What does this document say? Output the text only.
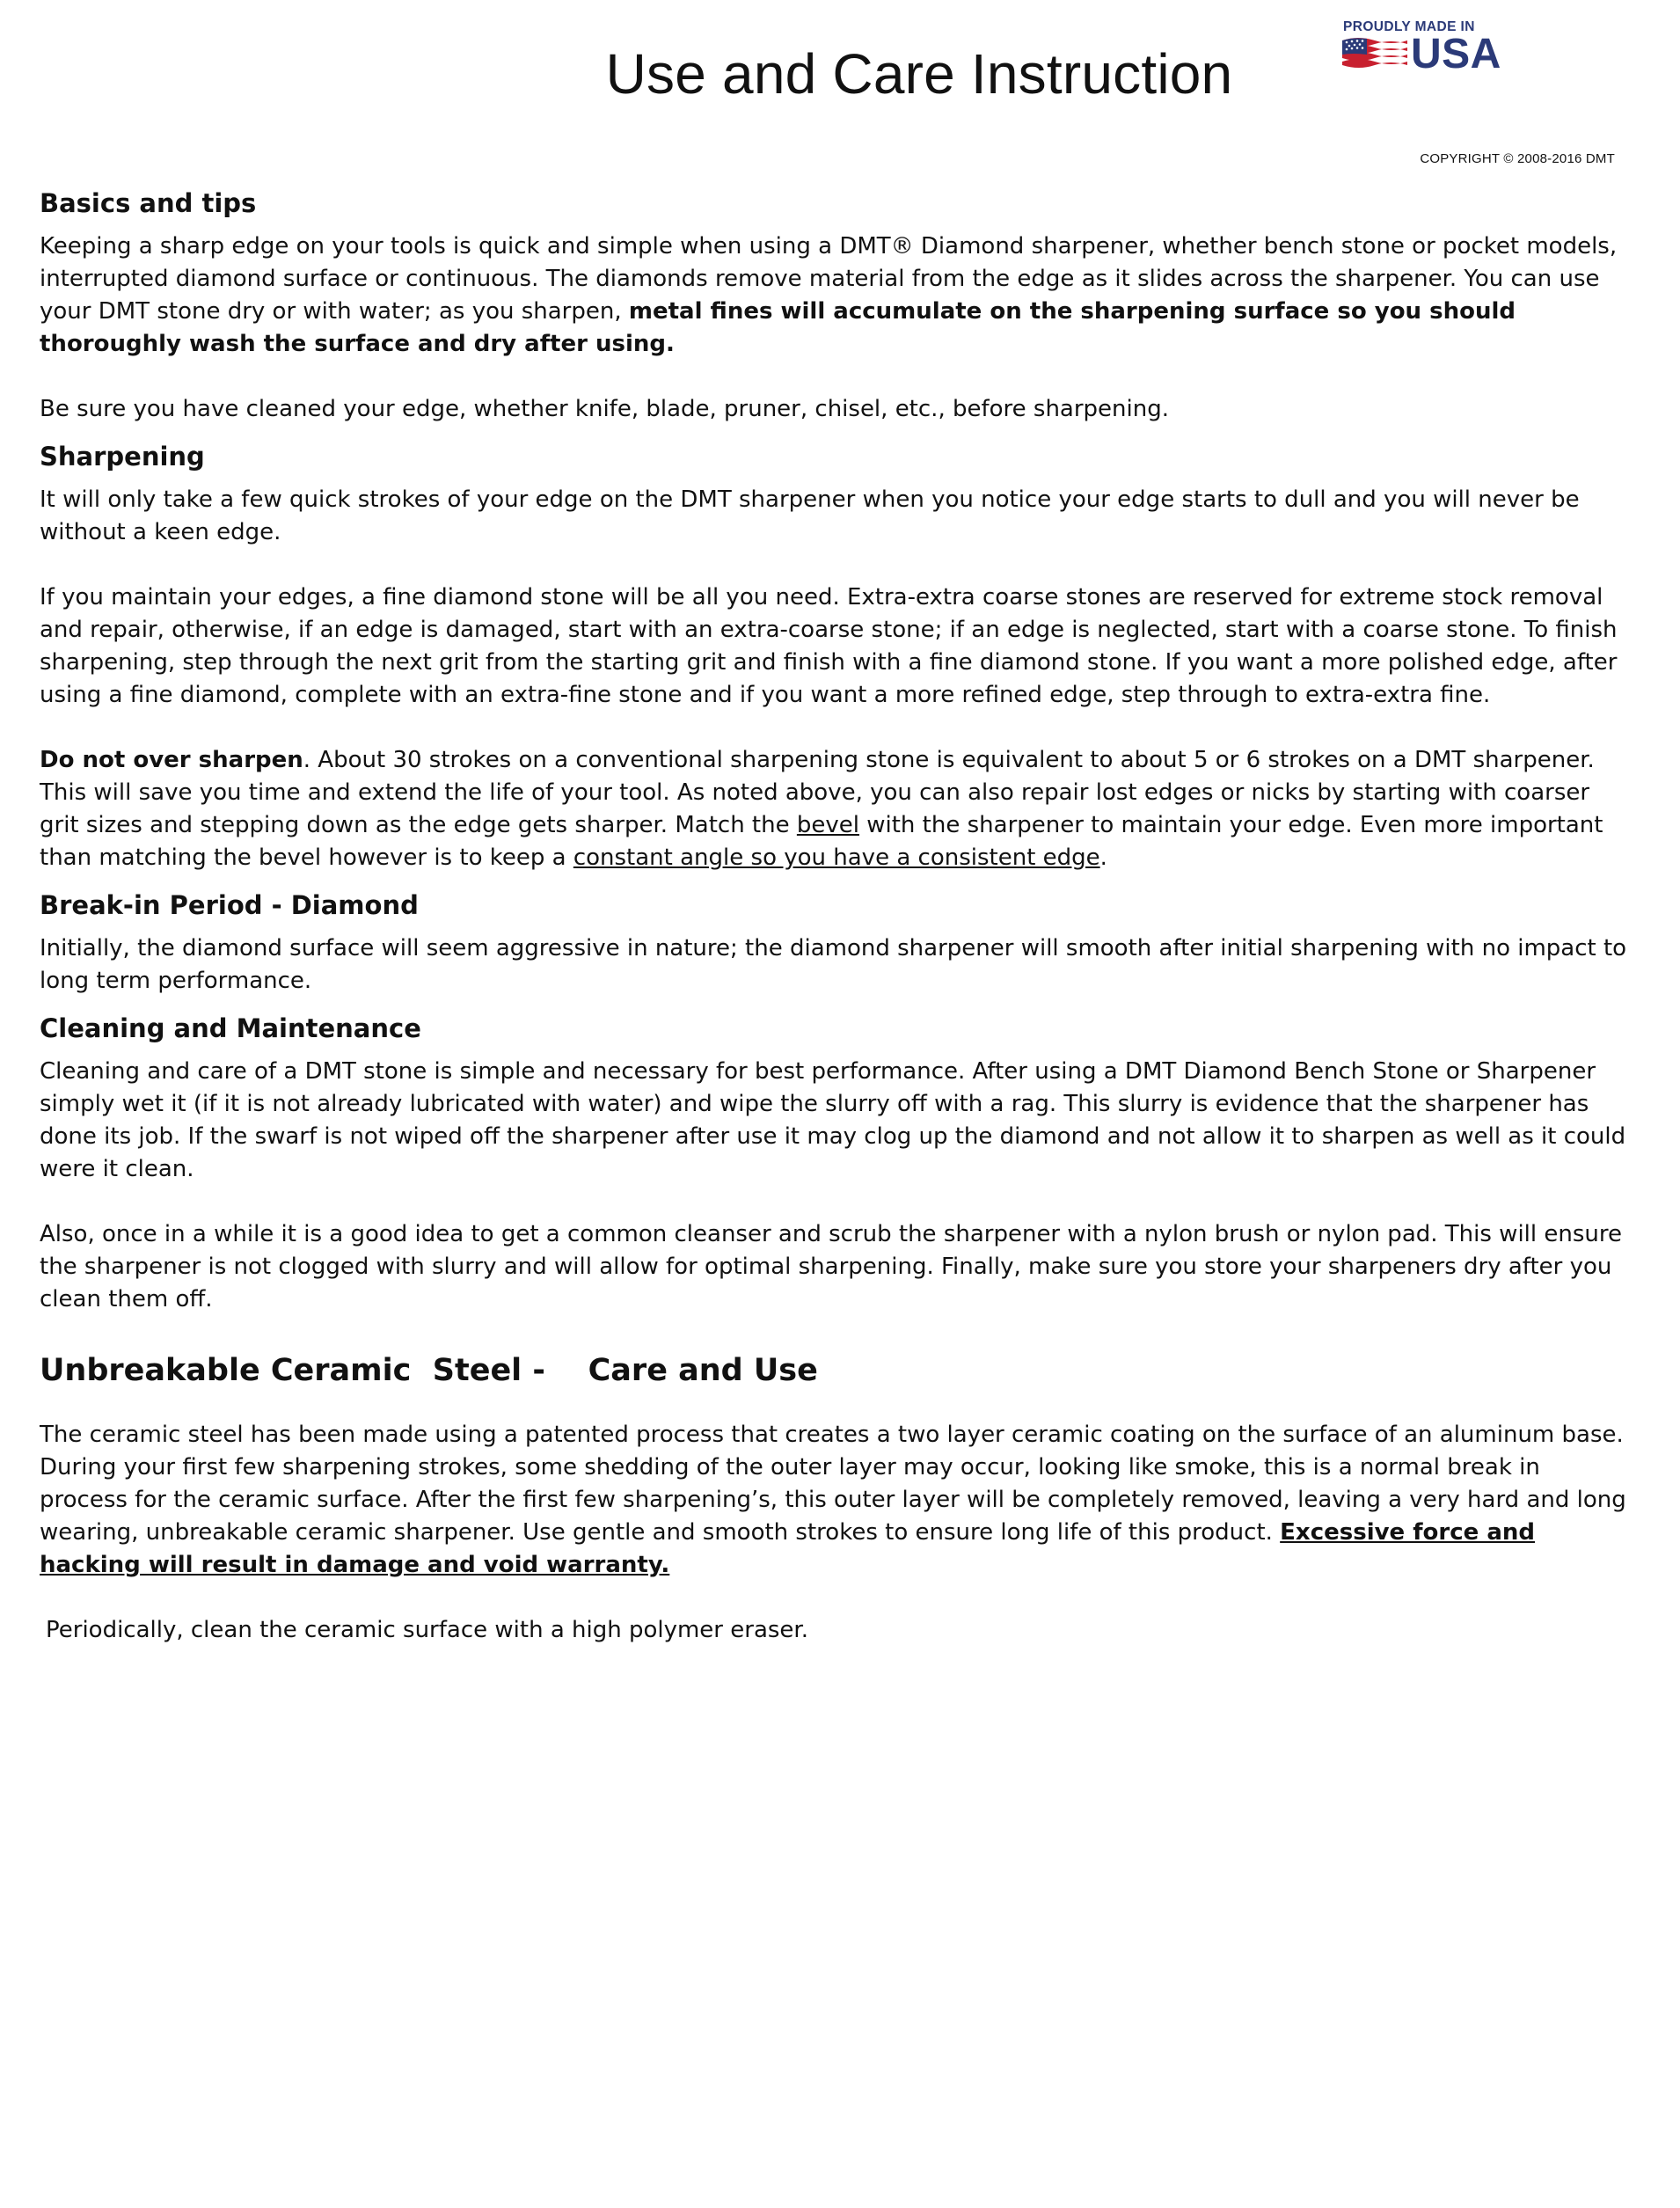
Use and Care Instruction
PROUDLY MADE IN
USA
COPYRIGHT © 2008-2016 DMT
Basics and tips

Keeping a sharp edge on your tools is quick and simple when using a DMT® Diamond sharpener, whether bench stone or pocket models, interrupted diamond surface or continuous. The diamonds remove material from the edge as it slides across the sharpener. You can use your DMT stone dry or with water; as you sharpen, metal fines will accumulate on the sharpening surface so you should thoroughly wash the surface and dry after using.

Be sure you have cleaned your edge, whether knife, blade, pruner, chisel, etc., before sharpening.

Sharpening

It will only take a few quick strokes of your edge on the DMT sharpener when you notice your edge starts to dull and you will never be without a keen edge.

If you maintain your edges, a fine diamond stone will be all you need. Extra-extra coarse stones are reserved for extreme stock removal and repair, otherwise, if an edge is damaged, start with an extra-coarse stone; if an edge is neglected, start with a coarse stone. To finish sharpening, step through the next grit from the starting grit and finish with a fine diamond stone. If you want a more polished edge, after using a fine diamond, complete with an extra-fine stone and if you want a more refined edge, step through to extra-extra fine.

Do not over sharpen. About 30 strokes on a conventional sharpening stone is equivalent to about 5 or 6 strokes on a DMT sharpener. This will save you time and extend the life of your tool. As noted above, you can also repair lost edges or nicks by starting with coarser grit sizes and stepping down as the edge gets sharper. Match the bevel with the sharpener to maintain your edge. Even more important than matching the bevel however is to keep a constant angle so you have a consistent edge.

Break-in Period - Diamond

Initially, the diamond surface will seem aggressive in nature; the diamond sharpener will smooth after initial sharpening with no impact to long term performance.

Cleaning and Maintenance

Cleaning and care of a DMT stone is simple and necessary for best performance. After using a DMT Diamond Bench Stone or Sharpener simply wet it (if it is not already lubricated with water) and wipe the slurry off with a rag. This slurry is evidence that the sharpener has done its job. If the swarf is not wiped off the sharpener after use it may clog up the diamond and not allow it to sharpen as well as it could were it clean.

Also, once in a while it is a good idea to get a common cleanser and scrub the sharpener with a nylon brush or nylon pad. This will ensure the sharpener is not clogged with slurry and will allow for optimal sharpening. Finally, make sure you store your sharpeners dry after you clean them off.

Unbreakable Ceramic  Steel -    Care and Use

The ceramic steel has been made using a patented process that creates a two layer ceramic coating on the surface of an aluminum base. During your first few sharpening strokes, some shedding of the outer layer may occur, looking like smoke, this is a normal break in process for the ceramic surface. After the first few sharpening’s, this outer layer will be completely removed, leaving a very hard and long wearing, unbreakable ceramic sharpener. Use gentle and smooth strokes to ensure long life of this product. Excessive force and hacking will result in damage and void warranty.

Periodically, clean the ceramic surface with a high polymer eraser.
